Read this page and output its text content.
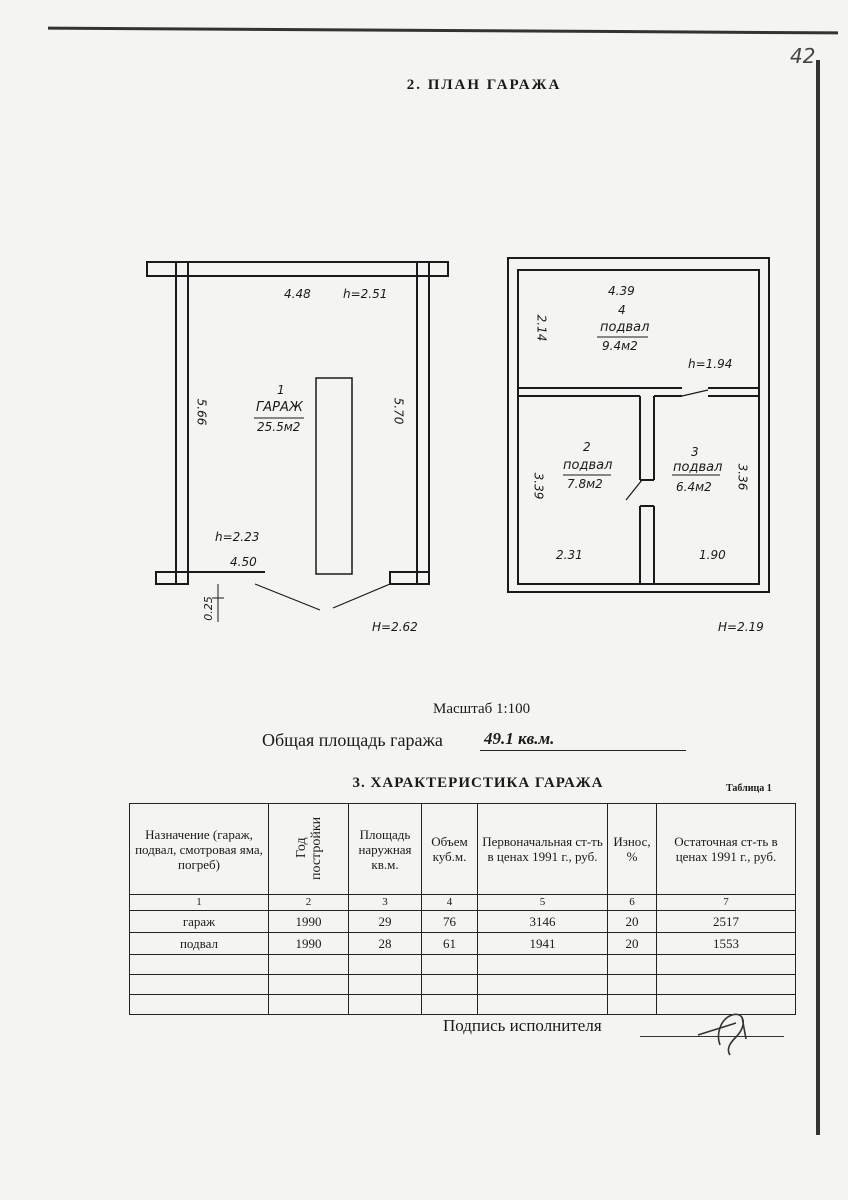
42
2. ПЛАН ГАРАЖА
4.48	h=2.51
1
ГАРАЖ
25.5м2
5.66	5.70
h=2.23
4.50
0.25
H=2.62
4.39
4
подвал
9.4м2
2.14
h=1.94
2
подвал
7.8м2
3.39
2.31
3
подвал
6.4м2 3.36
1.90
H=2.19
Масштаб 1:100
Общая площадь гаража 49.1 кв.м.
3. ХАРАКТЕРИСТИКА ГАРАЖА	Таблица 1
Назначение (гараж, подвал, смотровая яма, погреб)	Год постройки	Площадь наружная кв.м.	Объем куб.м.	Первоначальная ст-ть в ценах 1991 г., руб.	Износ, %	Остаточная ст-ть в ценах 1991 г., руб.
1	2	3	4	5	6	7
гараж	1990	29	76	3146	20	2517
подвал	1990	28	61	1941	20	1553

Подпись исполнителя
